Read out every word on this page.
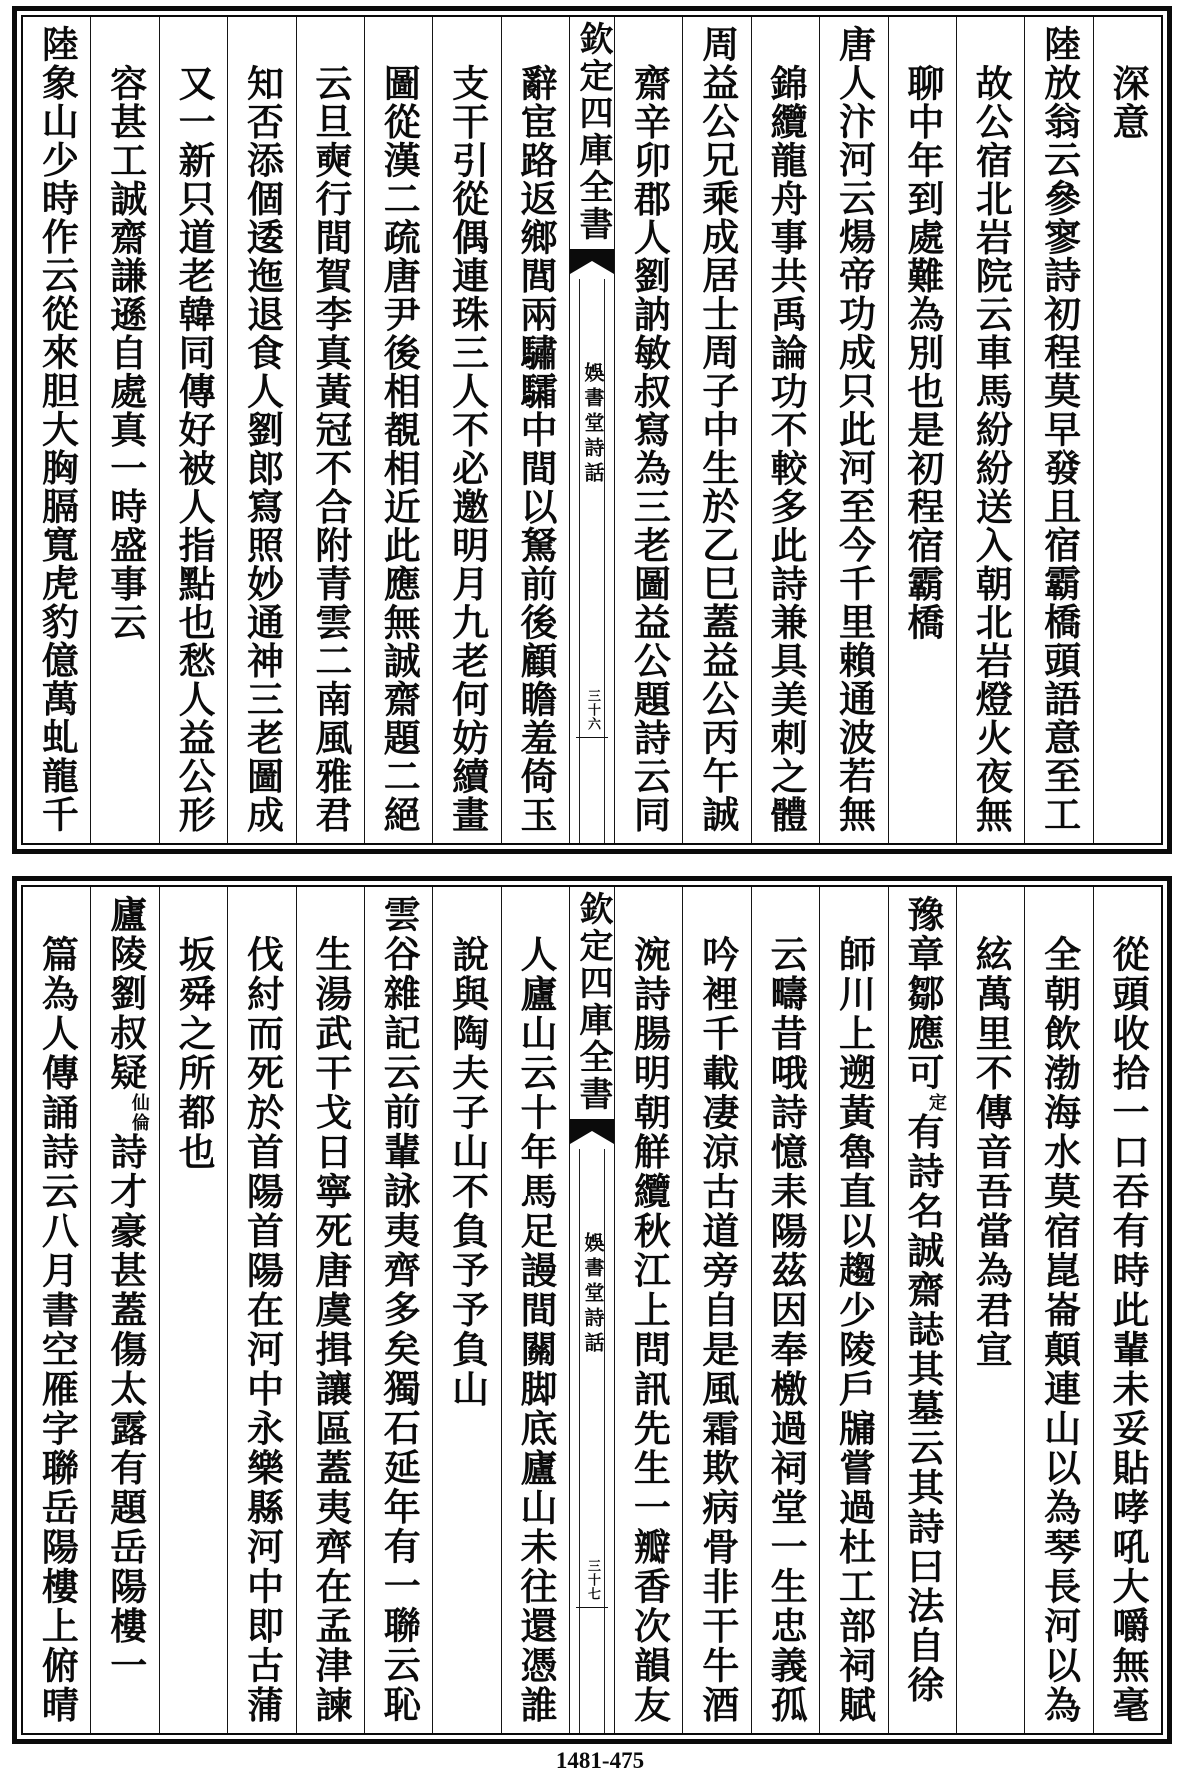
深意
陸放翁云參寥詩初程莫早發且宿霸橋頭語意至工
故公宿北岩院云車馬紛紛送入朝北岩燈火夜無
聊中年到處難為別也是初程宿霸橋
唐人汴河云煬帝功成只此河至今千里賴通波若無
錦纜龍舟事共禹論功不較多此詩兼具美刺之體
周益公兄乘成居士周子中生於乙巳蓋益公丙午誠
齋辛卯郡人劉訥敏叔寫為三老圖益公題詩云同
欽定四庫全書
娛書堂詩話
三十六
辭宦路返鄉閭兩驌驦中間以駑前後顧瞻羞倚玉
支干引從偶連珠三人不必邀明月九老何妨續畫
圖從漢二疏唐尹後相覩相近此應無誠齋題二絕
云旦奭行間賀李真黃冠不合附青雲二南風雅君
知否添個逶迤退食人劉郎寫照妙通神三老圖成
又一新只道老韓同傳好被人指點也愁人益公形
容甚工誠齋謙遜自處真一時盛事云
陸象山少時作云從來胆大胸膈寬虎豹億萬虬龍千
從頭收拾一口吞有時此輩未妥貼哮吼大嚼無毫
全朝飲渤海水莫宿崑崙顛連山以為琴長河以為
絃萬里不傳音吾當為君宣
豫章鄒應可定有詩名誠齋誌其墓云其詩曰法自徐
師川上遡黃魯直以趨少陵戶牖嘗過杜工部祠賦
云疇昔哦詩憶耒陽茲因奉檄過祠堂一生忠義孤
吟裡千載凄涼古道旁自是風霜欺病骨非干牛酒
涴詩腸明朝觧纜秋江上問訊先生一瓣香次韻友
欽定四庫全書
娛書堂詩話
三十七
人廬山云十年馬足謾間關脚底廬山未往還憑誰
說與陶夫子山不負予予負山
雲谷雜記云前輩詠夷齊多矣獨石延年有一聯云恥
生湯武干戈日寧死唐虞揖讓區蓋夷齊在孟津諫
伐紂而死於首陽首陽在河中永樂縣河中即古蒲
坂舜之所都也
廬陵劉叔疑仙倫詩才豪甚蓋傷太露有題岳陽樓一
篇為人傳誦詩云八月書空雁字聯岳陽樓上俯晴
1481-475
